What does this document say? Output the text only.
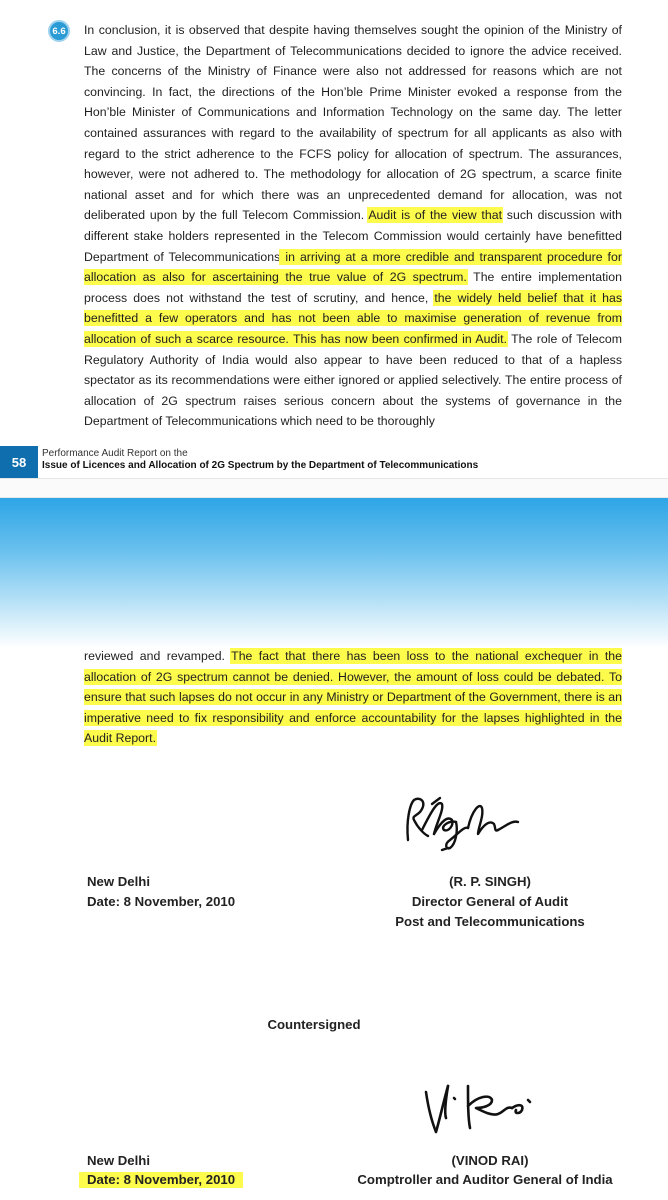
6.6 In conclusion, it is observed that despite having themselves sought the opinion of the Ministry of Law and Justice, the Department of Telecommunications decided to ignore the advice received. The concerns of the Ministry of Finance were also not addressed for reasons which are not convincing. In fact, the directions of the Hon’ble Prime Minister evoked a response from the Hon’ble Minister of Communications and Information Technology on the same day. The letter contained assurances with regard to the availability of spectrum for all applicants as also with regard to the strict adherence to the FCFS policy for allocation of spectrum. The assurances, however, were not adhered to. The methodology for allocation of 2G spectrum, a scarce finite national asset and for which there was an unprecedented demand for allocation, was not deliberated upon by the full Telecom Commission. Audit is of the view that such discussion with different stake holders represented in the Telecom Commission would certainly have benefitted Department of Telecommunications in arriving at a more credible and transparent procedure for allocation as also for ascertaining the true value of 2G spectrum. The entire implementation process does not withstand the test of scrutiny, and hence, the widely held belief that it has benefitted a few operators and has not been able to maximise generation of revenue from allocation of such a scarce resource. This has now been confirmed in Audit. The role of Telecom Regulatory Authority of India would also appear to have been reduced to that of a hapless spectator as its recommendations were either ignored or applied selectively. The entire process of allocation of 2G spectrum raises serious concern about the systems of governance in the Department of Telecommunications which need to be thoroughly

58
Performance Audit Report on the
Issue of Licences and Allocation of 2G Spectrum by the Department of Telecommunications

reviewed and revamped. The fact that there has been loss to the national exchequer in the allocation of 2G spectrum cannot be denied. However, the amount of loss could be debated. To ensure that such lapses do not occur in any Ministry or Department of the Government, there is an imperative need to fix responsibility and enforce accountability for the lapses highlighted in the Audit Report.

New Delhi
Date: 8 November, 2010
(R. P. SINGH)
Director General of Audit
Post and Telecommunications
Countersigned
New Delhi
Date: 8 November, 2010
(VINOD RAI)
Comptroller and Auditor General of India
